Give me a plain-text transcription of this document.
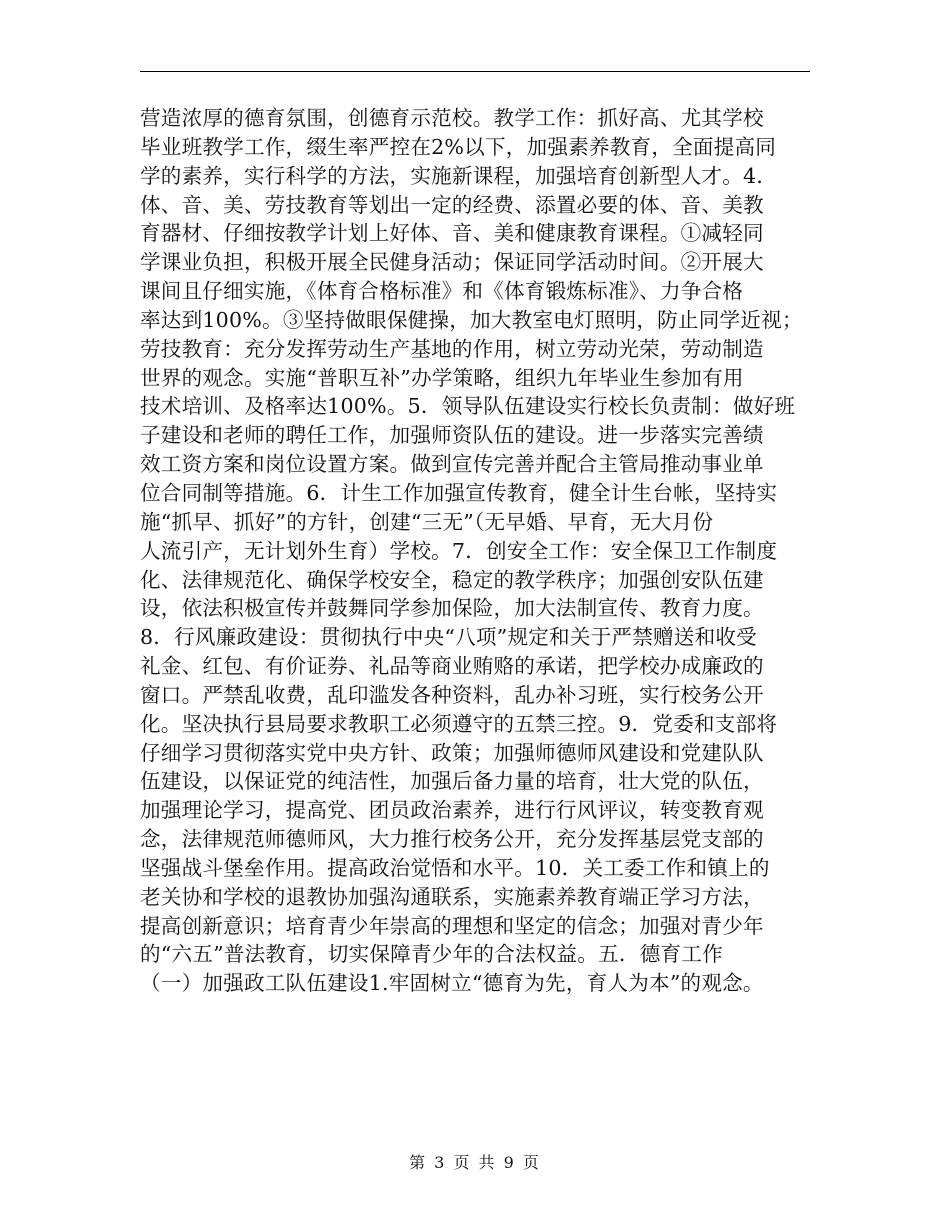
营造浓厚的德育氛围，创德育示范校。教学工作：抓好高、尤其学校
毕业班教学工作，缀生率严控在2%以下，加强素养教育，全面提高同
学的素养，实行科学的方法，实施新课程，加强培育创新型人才。4．
体、音、美、劳技教育等划出一定的经费、添置必要的体、音、美教
育器材、仔细按教学计划上好体、音、美和健康教育课程。①减轻同
学课业负担，积极开展全民健身活动；保证同学活动时间。②开展大
课间且仔细实施，《体育合格标准》和《体育锻炼标准》、力争合格
率达到100%。③坚持做眼保健操，加大教室电灯照明，防止同学近视；
劳技教育：充分发挥劳动生产基地的作用，树立劳动光荣，劳动制造
世界的观念。实施“普职互补”办学策略，组织九年毕业生参加有用
技术培训、及格率达100%。5．领导队伍建设实行校长负责制：做好班
子建设和老师的聘任工作，加强师资队伍的建设。进一步落实完善绩
效工资方案和岗位设置方案。做到宣传完善并配合主管局推动事业单
位合同制等措施。6．计生工作加强宣传教育，健全计生台帐，坚持实
施“抓早、抓好”的方针，创建“三无”（无早婚、早育，无大月份
人流引产，无计划外生育）学校。7．创安全工作：安全保卫工作制度
化、法律规范化、确保学校安全，稳定的教学秩序；加强创安队伍建
设，依法积极宣传并鼓舞同学参加保险，加大法制宣传、教育力度。
8．行风廉政建设：贯彻执行中央“八项”规定和关于严禁赠送和收受
礼金、红包、有价证券、礼品等商业贿赂的承诺，把学校办成廉政的
窗口。严禁乱收费，乱印滥发各种资料，乱办补习班，实行校务公开
化。坚决执行县局要求教职工必须遵守的五禁三控。9．党委和支部将
仔细学习贯彻落实党中央方针、政策；加强师德师风建设和党建队队
伍建设，以保证党的纯洁性，加强后备力量的培育，壮大党的队伍，
加强理论学习，提高党、团员政治素养，进行行风评议，转变教育观
念，法律规范师德师风，大力推行校务公开，充分发挥基层党支部的
坚强战斗堡垒作用。提高政治觉悟和水平。10．关工委工作和镇上的
老关协和学校的退教协加强沟通联系，实施素养教育端正学习方法，
提高创新意识；培育青少年崇高的理想和坚定的信念；加强对青少年
的“六五”普法教育，切实保障青少年的合法权益。五．德育工作
（一）加强政工队伍建设1.牢固树立“德育为先，育人为本”的观念。
第 3 页 共 9 页
